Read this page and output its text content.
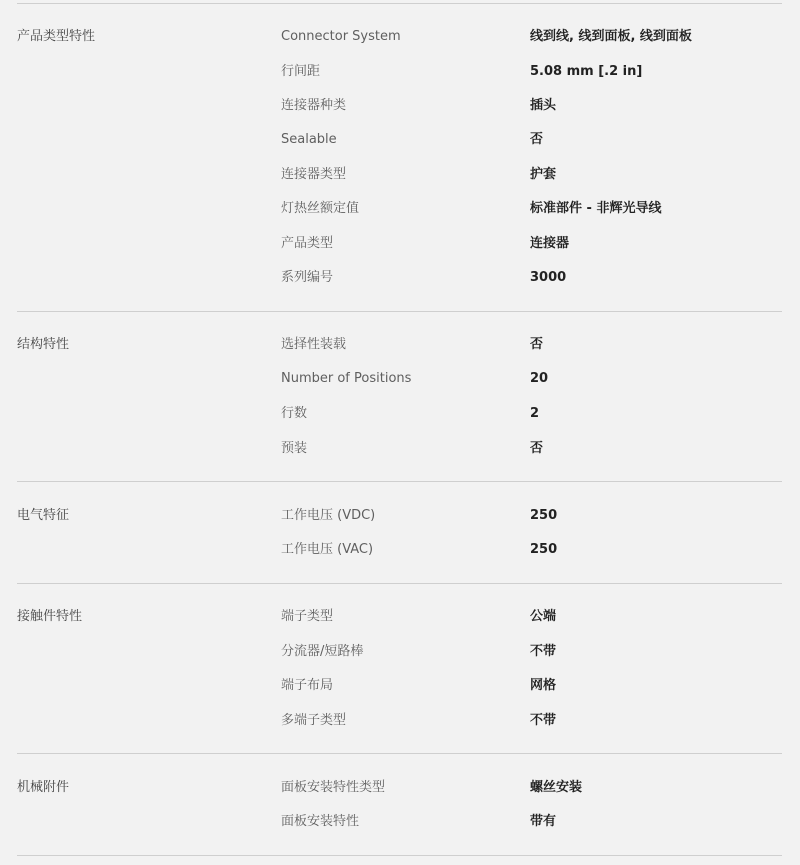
产品类型特性	Connector System	线到线, 线到面板, 线到面板
行间距	5.08 mm [.2 in]
连接器种类	插头
Sealable	否
连接器类型	护套
灯热丝额定值	标准部件 - 非辉光导线
产品类型	连接器
系列编号	3000
结构特性	选择性装载	否
Number of Positions	20
行数	2
预装	否
电气特征	工作电压 (VDC)	250
工作电压 (VAC)	250
接触件特性	端子类型	公端
分流器/短路棒	不带
端子布局	网格
多端子类型	不带
机械附件	面板安装特性类型	螺丝安装
面板安装特性	带有
